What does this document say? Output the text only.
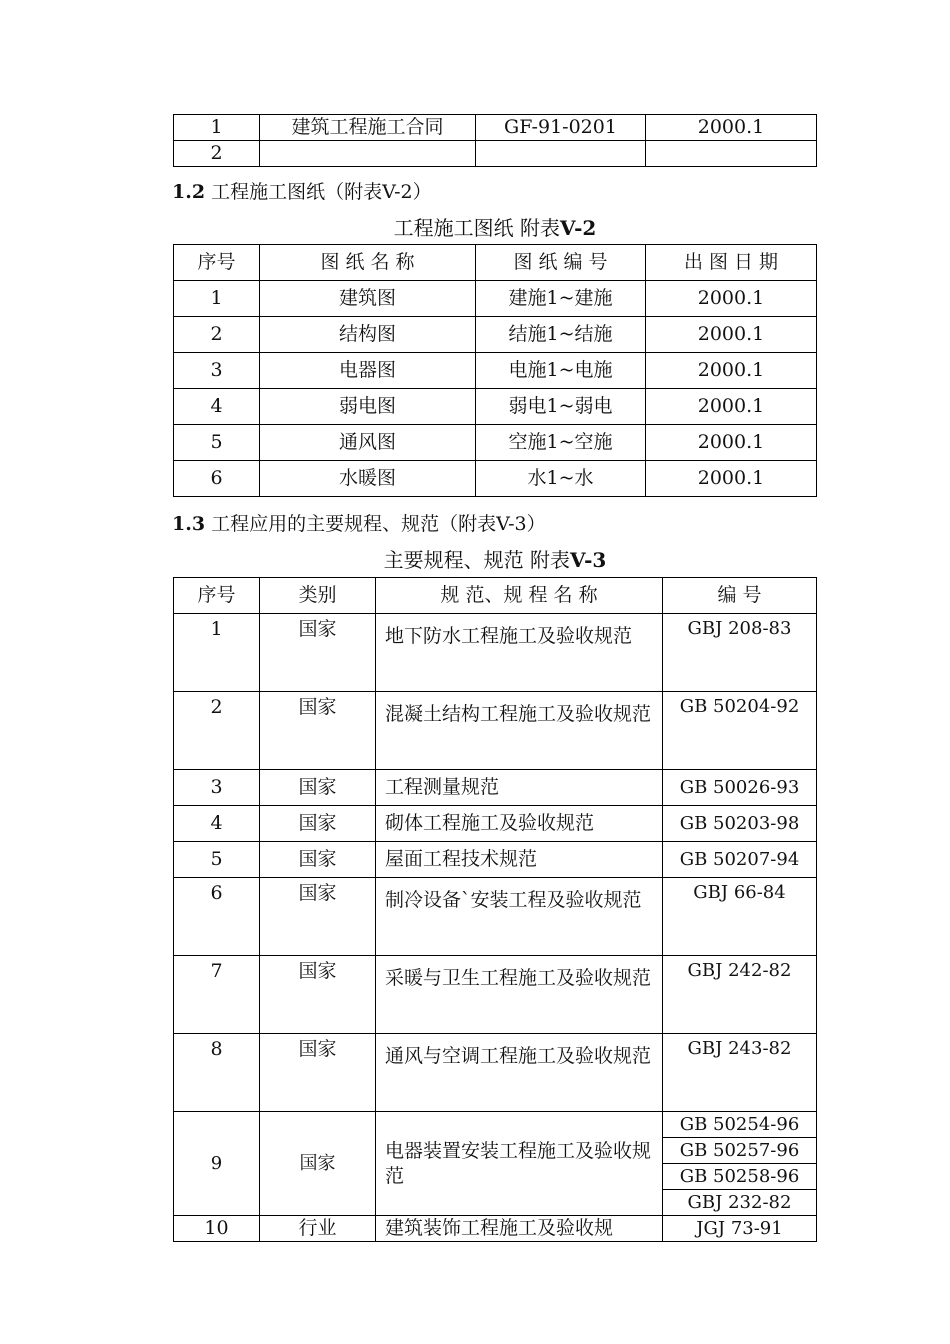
1	建筑工程施工合同	GF-91-0201	2000.1
2			
1.2 工程施工图纸（附表V-2）
工程施工图纸 附表V-2
序号	图 纸 名 称	图 纸 编 号	出 图 日 期
1	建筑图	建施1~建施	2000.1
2	结构图	结施1~结施	2000.1
3	电器图	电施1~电施	2000.1
4	弱电图	弱电1~弱电	2000.1
5	通风图	空施1~空施	2000.1
6	水暖图	水1~水	2000.1
1.3 工程应用的主要规程、规范（附表V-3）
主要规程、规范 附表V-3
序号	类别	规 范、规 程 名 称	编 号
1	国家	地下防水工程施工及验收规范	GBJ 208-83
2	国家	混凝土结构工程施工及验收规范	GB 50204-92
3	国家	工程测量规范	GB 50026-93
4	国家	砌体工程施工及验收规范	GB 50203-98
5	国家	屋面工程技术规范	GB 50207-94
6	国家	制冷设备`安装工程及验收规范	GBJ 66-84
7	国家	采暖与卫生工程施工及验收规范	GBJ 242-82
8	国家	通风与空调工程施工及验收规范	GBJ 243-82
9	国家	电器装置安装工程施工及验收规范	GB 50254-96
			GB 50257-96
			GB 50258-96
			GBJ 232-82
10	行业	建筑装饰工程施工及验收规	JGJ 73-91
